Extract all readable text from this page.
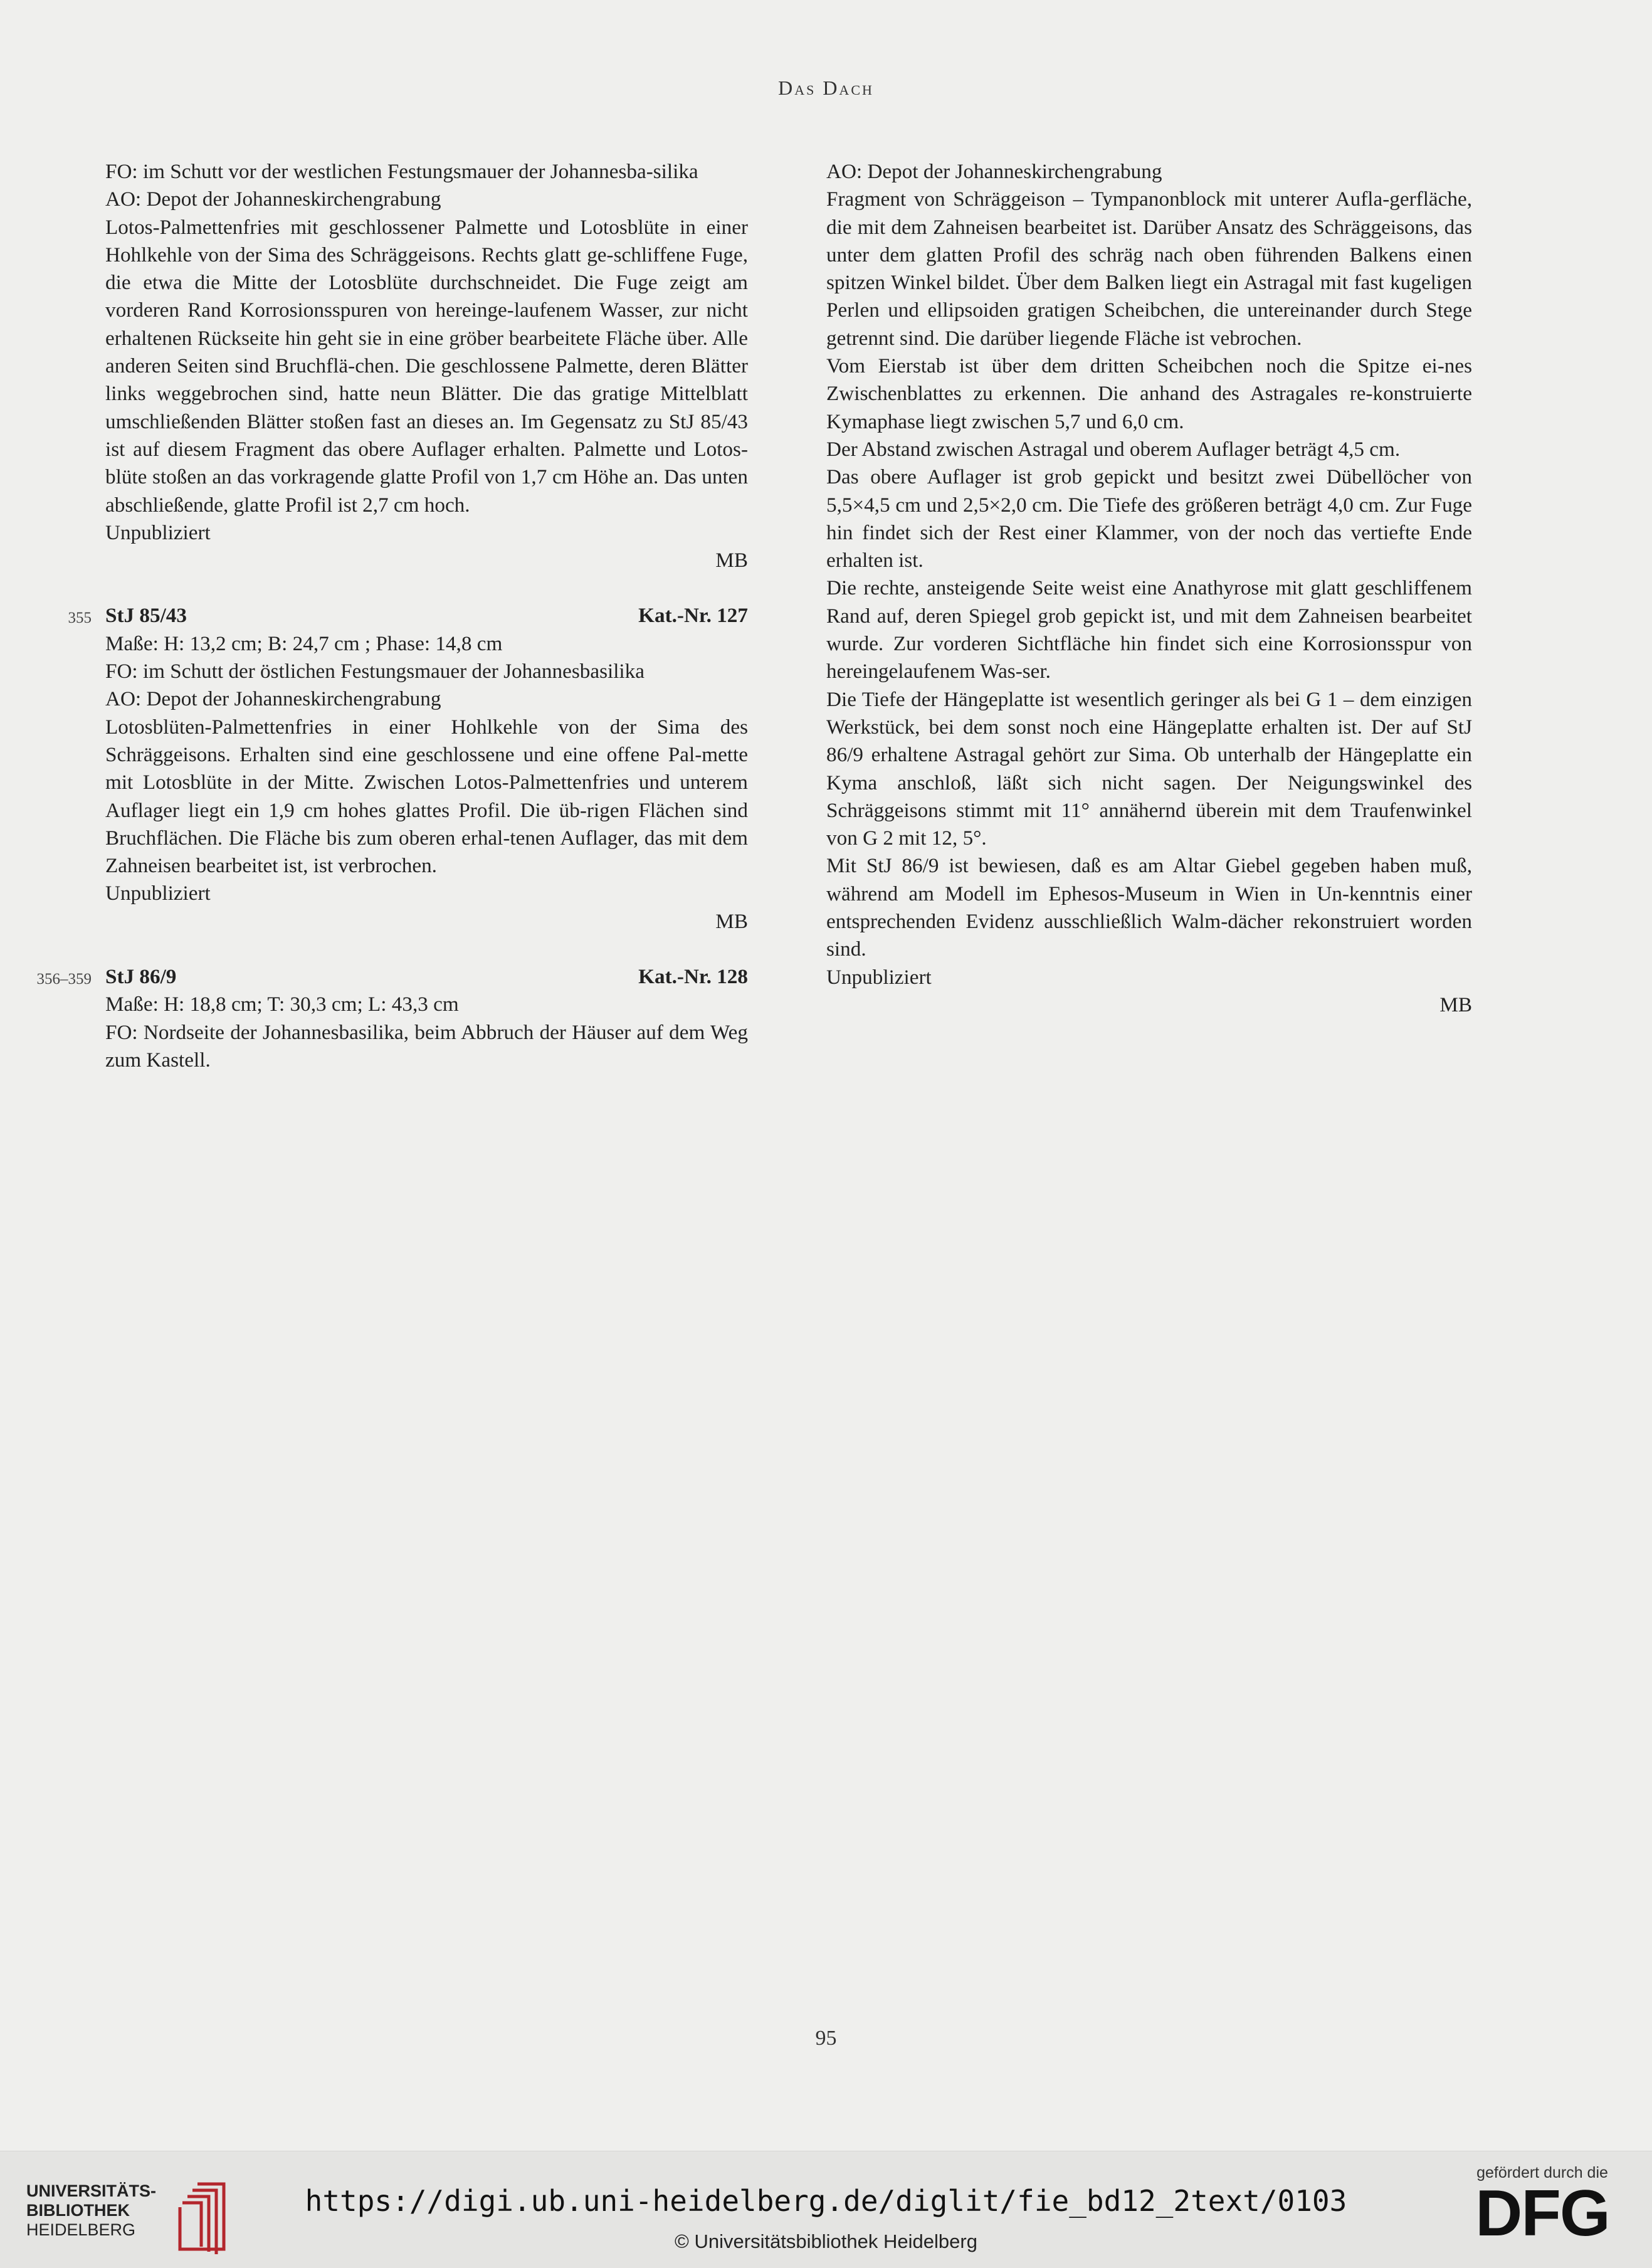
Das Dach

FO: im Schutt vor der westlichen Festungsmauer der Johannesba-silika

AO: Depot der Johanneskirchengrabung

Lotos-Palmettenfries mit geschlossener Palmette und Lotosblüte in einer Hohlkehle von der Sima des Schräggeisons. Rechts glatt ge-schliffene Fuge, die etwa die Mitte der Lotosblüte durchschneidet. Die Fuge zeigt am vorderen Rand Korrosionsspuren von hereinge-laufenem Wasser, zur nicht erhaltenen Rückseite hin geht sie in eine gröber bearbeitete Fläche über. Alle anderen Seiten sind Bruchflä-chen. Die geschlossene Palmette, deren Blätter links weggebrochen sind, hatte neun Blätter. Die das gratige Mittelblatt umschließenden Blätter stoßen fast an dieses an. Im Gegensatz zu StJ 85/43 ist auf diesem Fragment das obere Auflager erhalten. Palmette und Lotos-blüte stoßen an das vorkragende glatte Profil von 1,7 cm Höhe an. Das unten abschließende, glatte Profil ist 2,7 cm hoch.

Unpubliziert

MB

355 StJ 85/43	Kat.-Nr. 127

Maße: H: 13,2 cm; B: 24,7 cm ; Phase: 14,8 cm

FO: im Schutt der östlichen Festungsmauer der Johannesbasilika

AO: Depot der Johanneskirchengrabung

Lotosblüten-Palmettenfries in einer Hohlkehle von der Sima des Schräggeisons. Erhalten sind eine geschlossene und eine offene Pal-mette mit Lotosblüte in der Mitte. Zwischen Lotos-Palmettenfries und unterem Auflager liegt ein 1,9 cm hohes glattes Profil. Die üb-rigen Flächen sind Bruchflächen. Die Fläche bis zum oberen erhal-tenen Auflager, das mit dem Zahneisen bearbeitet ist, ist verbrochen.

Unpubliziert

MB

356–359 StJ 86/9	Kat.-Nr. 128

Maße: H: 18,8 cm; T: 30,3 cm; L: 43,3 cm

FO: Nordseite der Johannesbasilika, beim Abbruch der Häuser auf dem Weg zum Kastell.

AO: Depot der Johanneskirchengrabung

Fragment von Schräggeison – Tympanonblock mit unterer Aufla-gerfläche, die mit dem Zahneisen bearbeitet ist. Darüber Ansatz des Schräggeisons, das unter dem glatten Profil des schräg nach oben führenden Balkens einen spitzen Winkel bildet. Über dem Balken liegt ein Astragal mit fast kugeligen Perlen und ellipsoiden gratigen Scheibchen, die untereinander durch Stege getrennt sind. Die darüber liegende Fläche ist vebrochen.

Vom Eierstab ist über dem dritten Scheibchen noch die Spitze ei-nes Zwischenblattes zu erkennen. Die anhand des Astragales re-konstruierte Kymaphase liegt zwischen 5,7 und 6,0 cm.

Der Abstand zwischen Astragal und oberem Auflager beträgt 4,5 cm.

Das obere Auflager ist grob gepickt und besitzt zwei Dübellöcher von 5,5×4,5 cm und 2,5×2,0 cm. Die Tiefe des größeren beträgt 4,0 cm. Zur Fuge hin findet sich der Rest einer Klammer, von der noch das vertiefte Ende erhalten ist.

Die rechte, ansteigende Seite weist eine Anathyrose mit glatt geschliffenem Rand auf, deren Spiegel grob gepickt ist, und mit dem Zahneisen bearbeitet wurde. Zur vorderen Sichtfläche hin findet sich eine Korrosionsspur von hereingelaufenem Was-ser.

Die Tiefe der Hängeplatte ist wesentlich geringer als bei G 1 – dem einzigen Werkstück, bei dem sonst noch eine Hängeplatte erhalten ist. Der auf StJ 86/9 erhaltene Astragal gehört zur Sima. Ob unterhalb der Hängeplatte ein Kyma anschloß, läßt sich nicht sagen. Der Neigungswinkel des Schräggeisons stimmt mit 11° annähernd überein mit dem Traufenwinkel von G 2 mit 12, 5°.

Mit StJ 86/9 ist bewiesen, daß es am Altar Giebel gegeben haben muß, während am Modell im Ephesos-Museum in Wien in Un-kenntnis einer entsprechenden Evidenz ausschließlich Walm-dächer rekonstruiert worden sind.

Unpubliziert

MB

95
UNIVERSITÄTS-
BIBLIOTHEK
HEIDELBERG
https://digi.ub.uni-heidelberg.de/diglit/fie_bd12_2text/0103
© Universitätsbibliothek Heidelberg
gefördert durch die
DFG
